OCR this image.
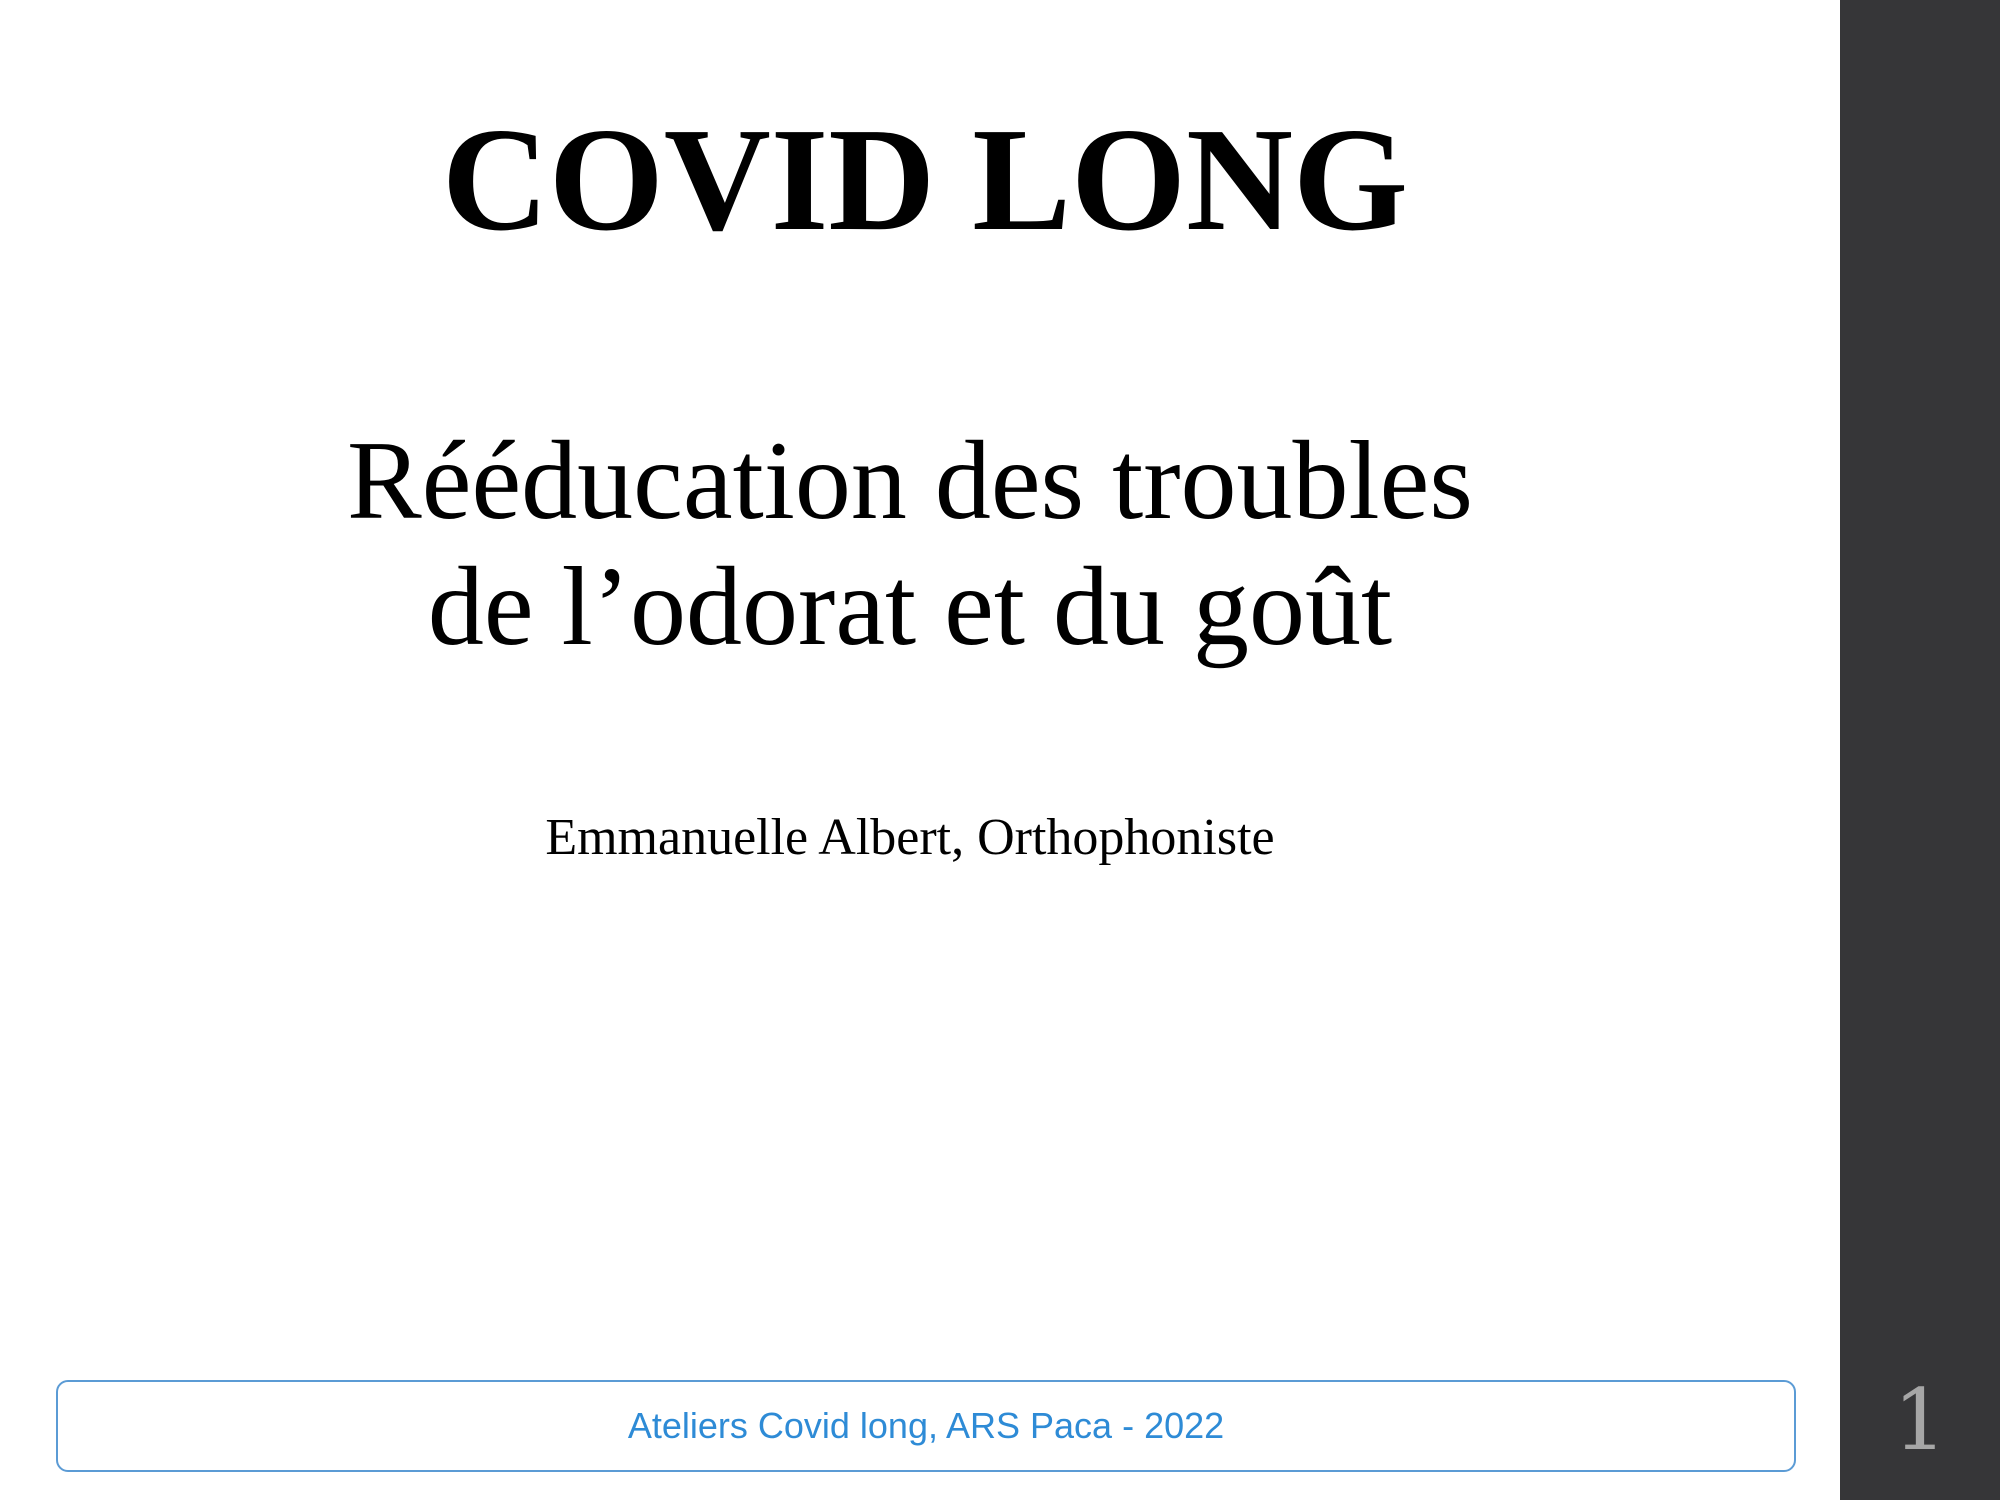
COVID LONG
Rééducation des troubles
de l’odorat et du goût
Emmanuelle Albert, Orthophoniste
Ateliers Covid long, ARS Paca - 2022	1
